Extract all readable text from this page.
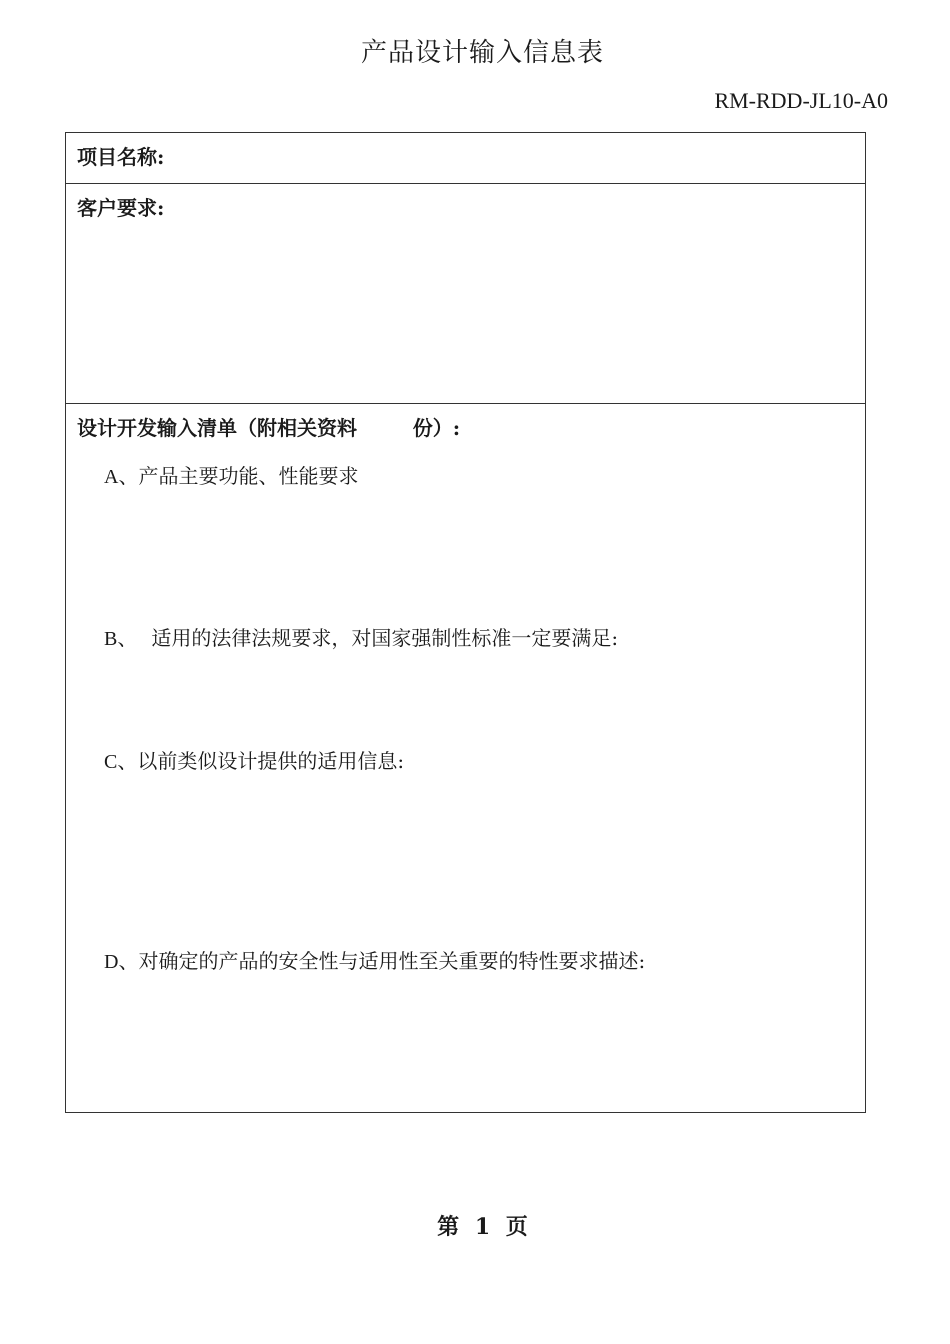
产品设计输入信息表
RM-RDD-JL10-A0
项目名称:
客户要求:
设计开发输入清单（附相关资料        份）:
A、产品主要功能、性能要求
B、 适用的法律法规要求，对国家强制性标准一定要满足:
C、以前类似设计提供的适用信息:
D、对确定的产品的安全性与适用性至关重要的特性要求描述:
第 1 页
